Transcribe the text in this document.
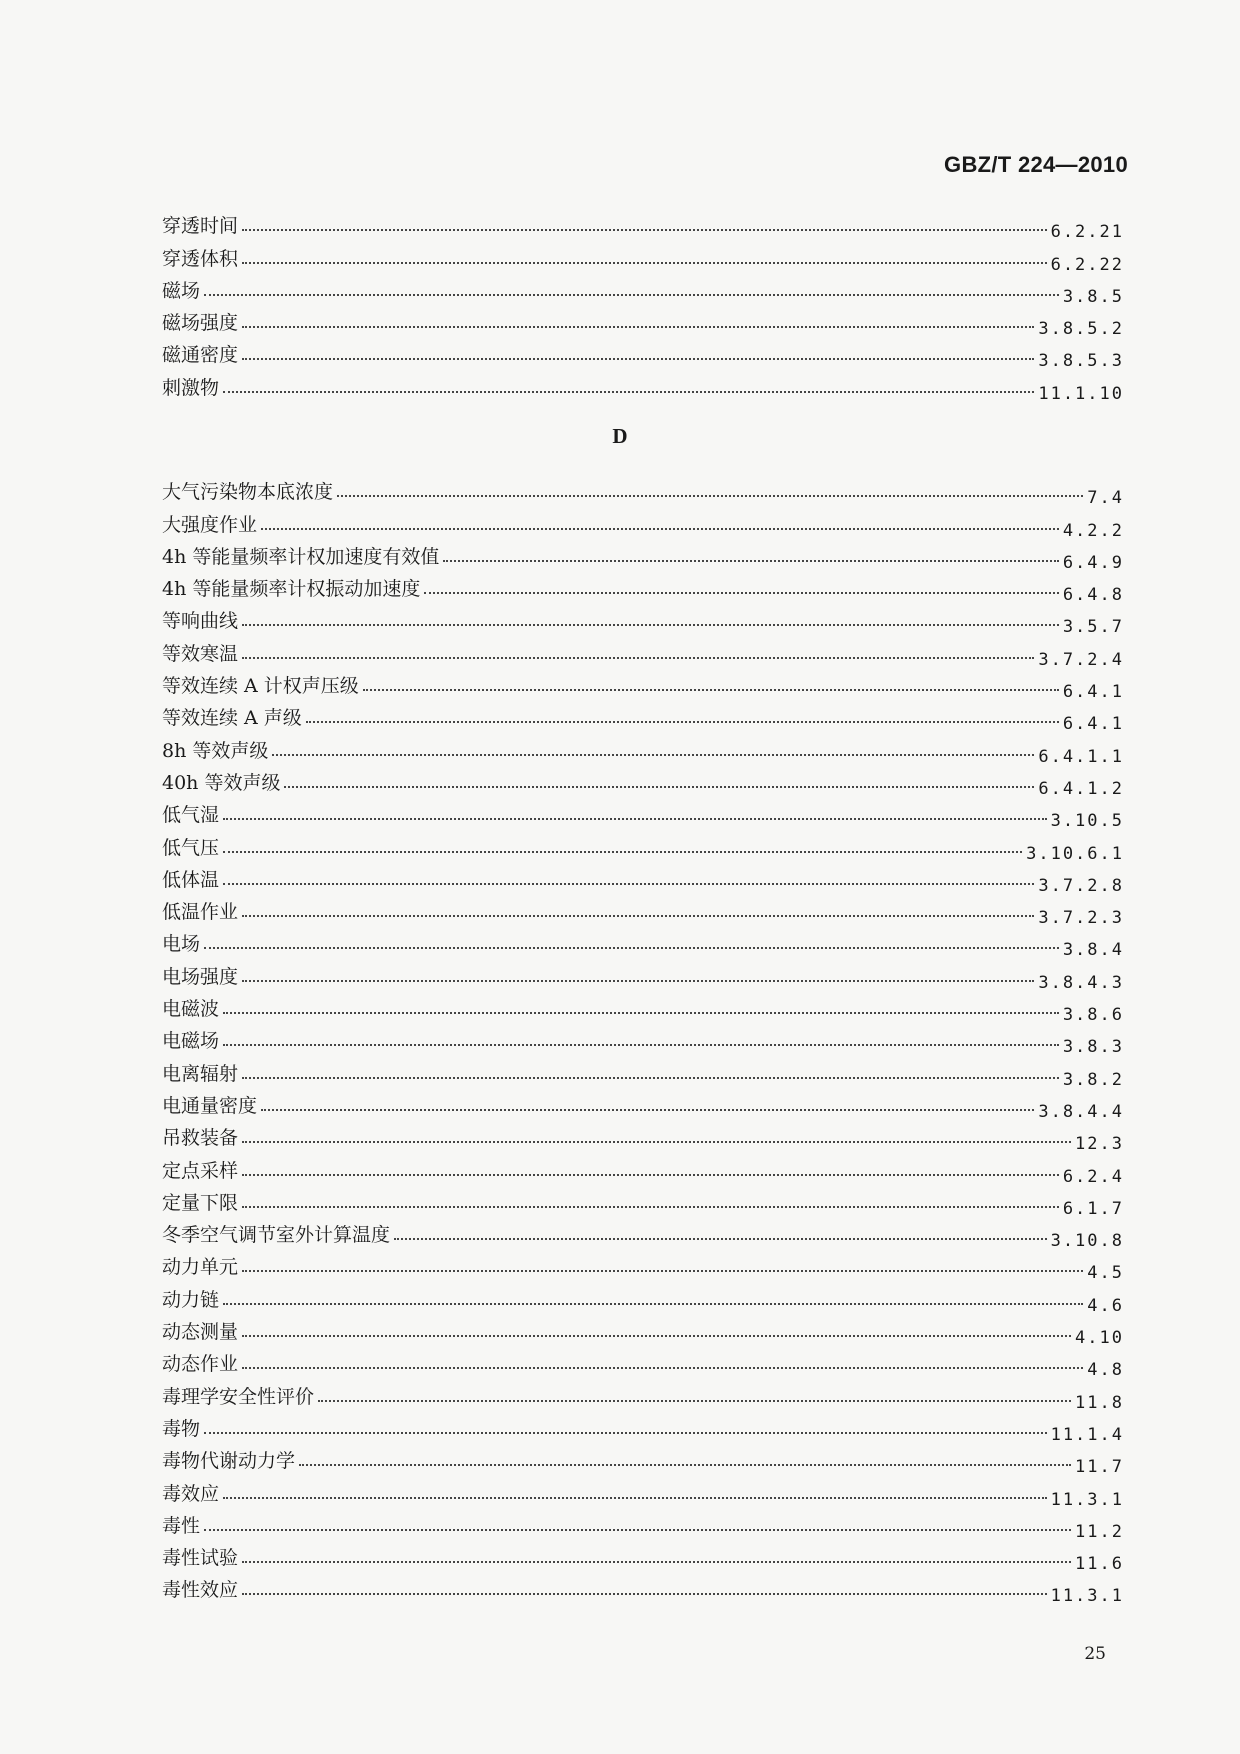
GBZ/T 224—2010
穿透时间	6.2.21
穿透体积	6.2.22
磁场	3.8.5
磁场强度	3.8.5.2
磁通密度	3.8.5.3
刺激物	11.1.10
D
大气污染物本底浓度	7.4
大强度作业	4.2.2
4h 等能量频率计权加速度有效值	6.4.9
4h 等能量频率计权振动加速度	6.4.8
等响曲线	3.5.7
等效寒温	3.7.2.4
等效连续 A 计权声压级	6.4.1
等效连续 A 声级	6.4.1
8h 等效声级	6.4.1.1
40h 等效声级	6.4.1.2
低气湿	3.10.5
低气压	3.10.6.1
低体温	3.7.2.8
低温作业	3.7.2.3
电场	3.8.4
电场强度	3.8.4.3
电磁波	3.8.6
电磁场	3.8.3
电离辐射	3.8.2
电通量密度	3.8.4.4
吊救装备	12.3
定点采样	6.2.4
定量下限	6.1.7
冬季空气调节室外计算温度	3.10.8
动力单元	4.5
动力链	4.6
动态测量	4.10
动态作业	4.8
毒理学安全性评价	11.8
毒物	11.1.4
毒物代谢动力学	11.7
毒效应	11.3.1
毒性	11.2
毒性试验	11.6
毒性效应	11.3.1
25
